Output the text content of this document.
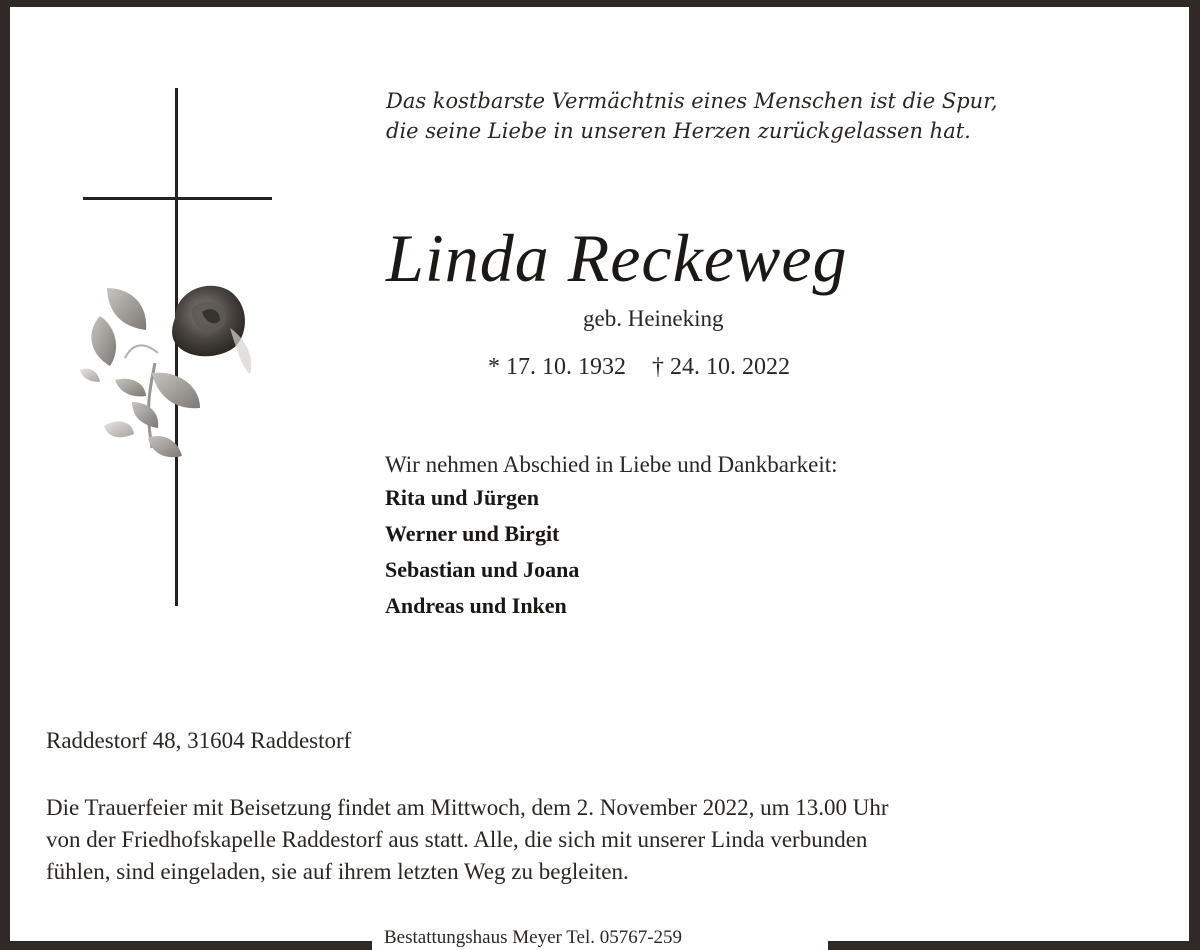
Das kostbarste Vermächtnis eines Menschen ist die Spur,
die seine Liebe in unseren Herzen zurückgelassen hat.
Linda Reckeweg
geb. Heineking
* 17. 10. 1932 † 24. 10. 2022
Wir nehmen Abschied in Liebe und Dankbarkeit:
Rita und Jürgen
Werner und Birgit
Sebastian und Joana
Andreas und Inken
Raddestorf 48, 31604 Raddestorf
Die Trauerfeier mit Beisetzung findet am Mittwoch, dem 2. November 2022, um 13.00 Uhr
von der Friedhofskapelle Raddestorf aus statt. Alle, die sich mit unserer Linda verbunden
fühlen, sind eingeladen, sie auf ihrem letzten Weg zu begleiten.
Bestattungshaus Meyer Tel. 05767-259
